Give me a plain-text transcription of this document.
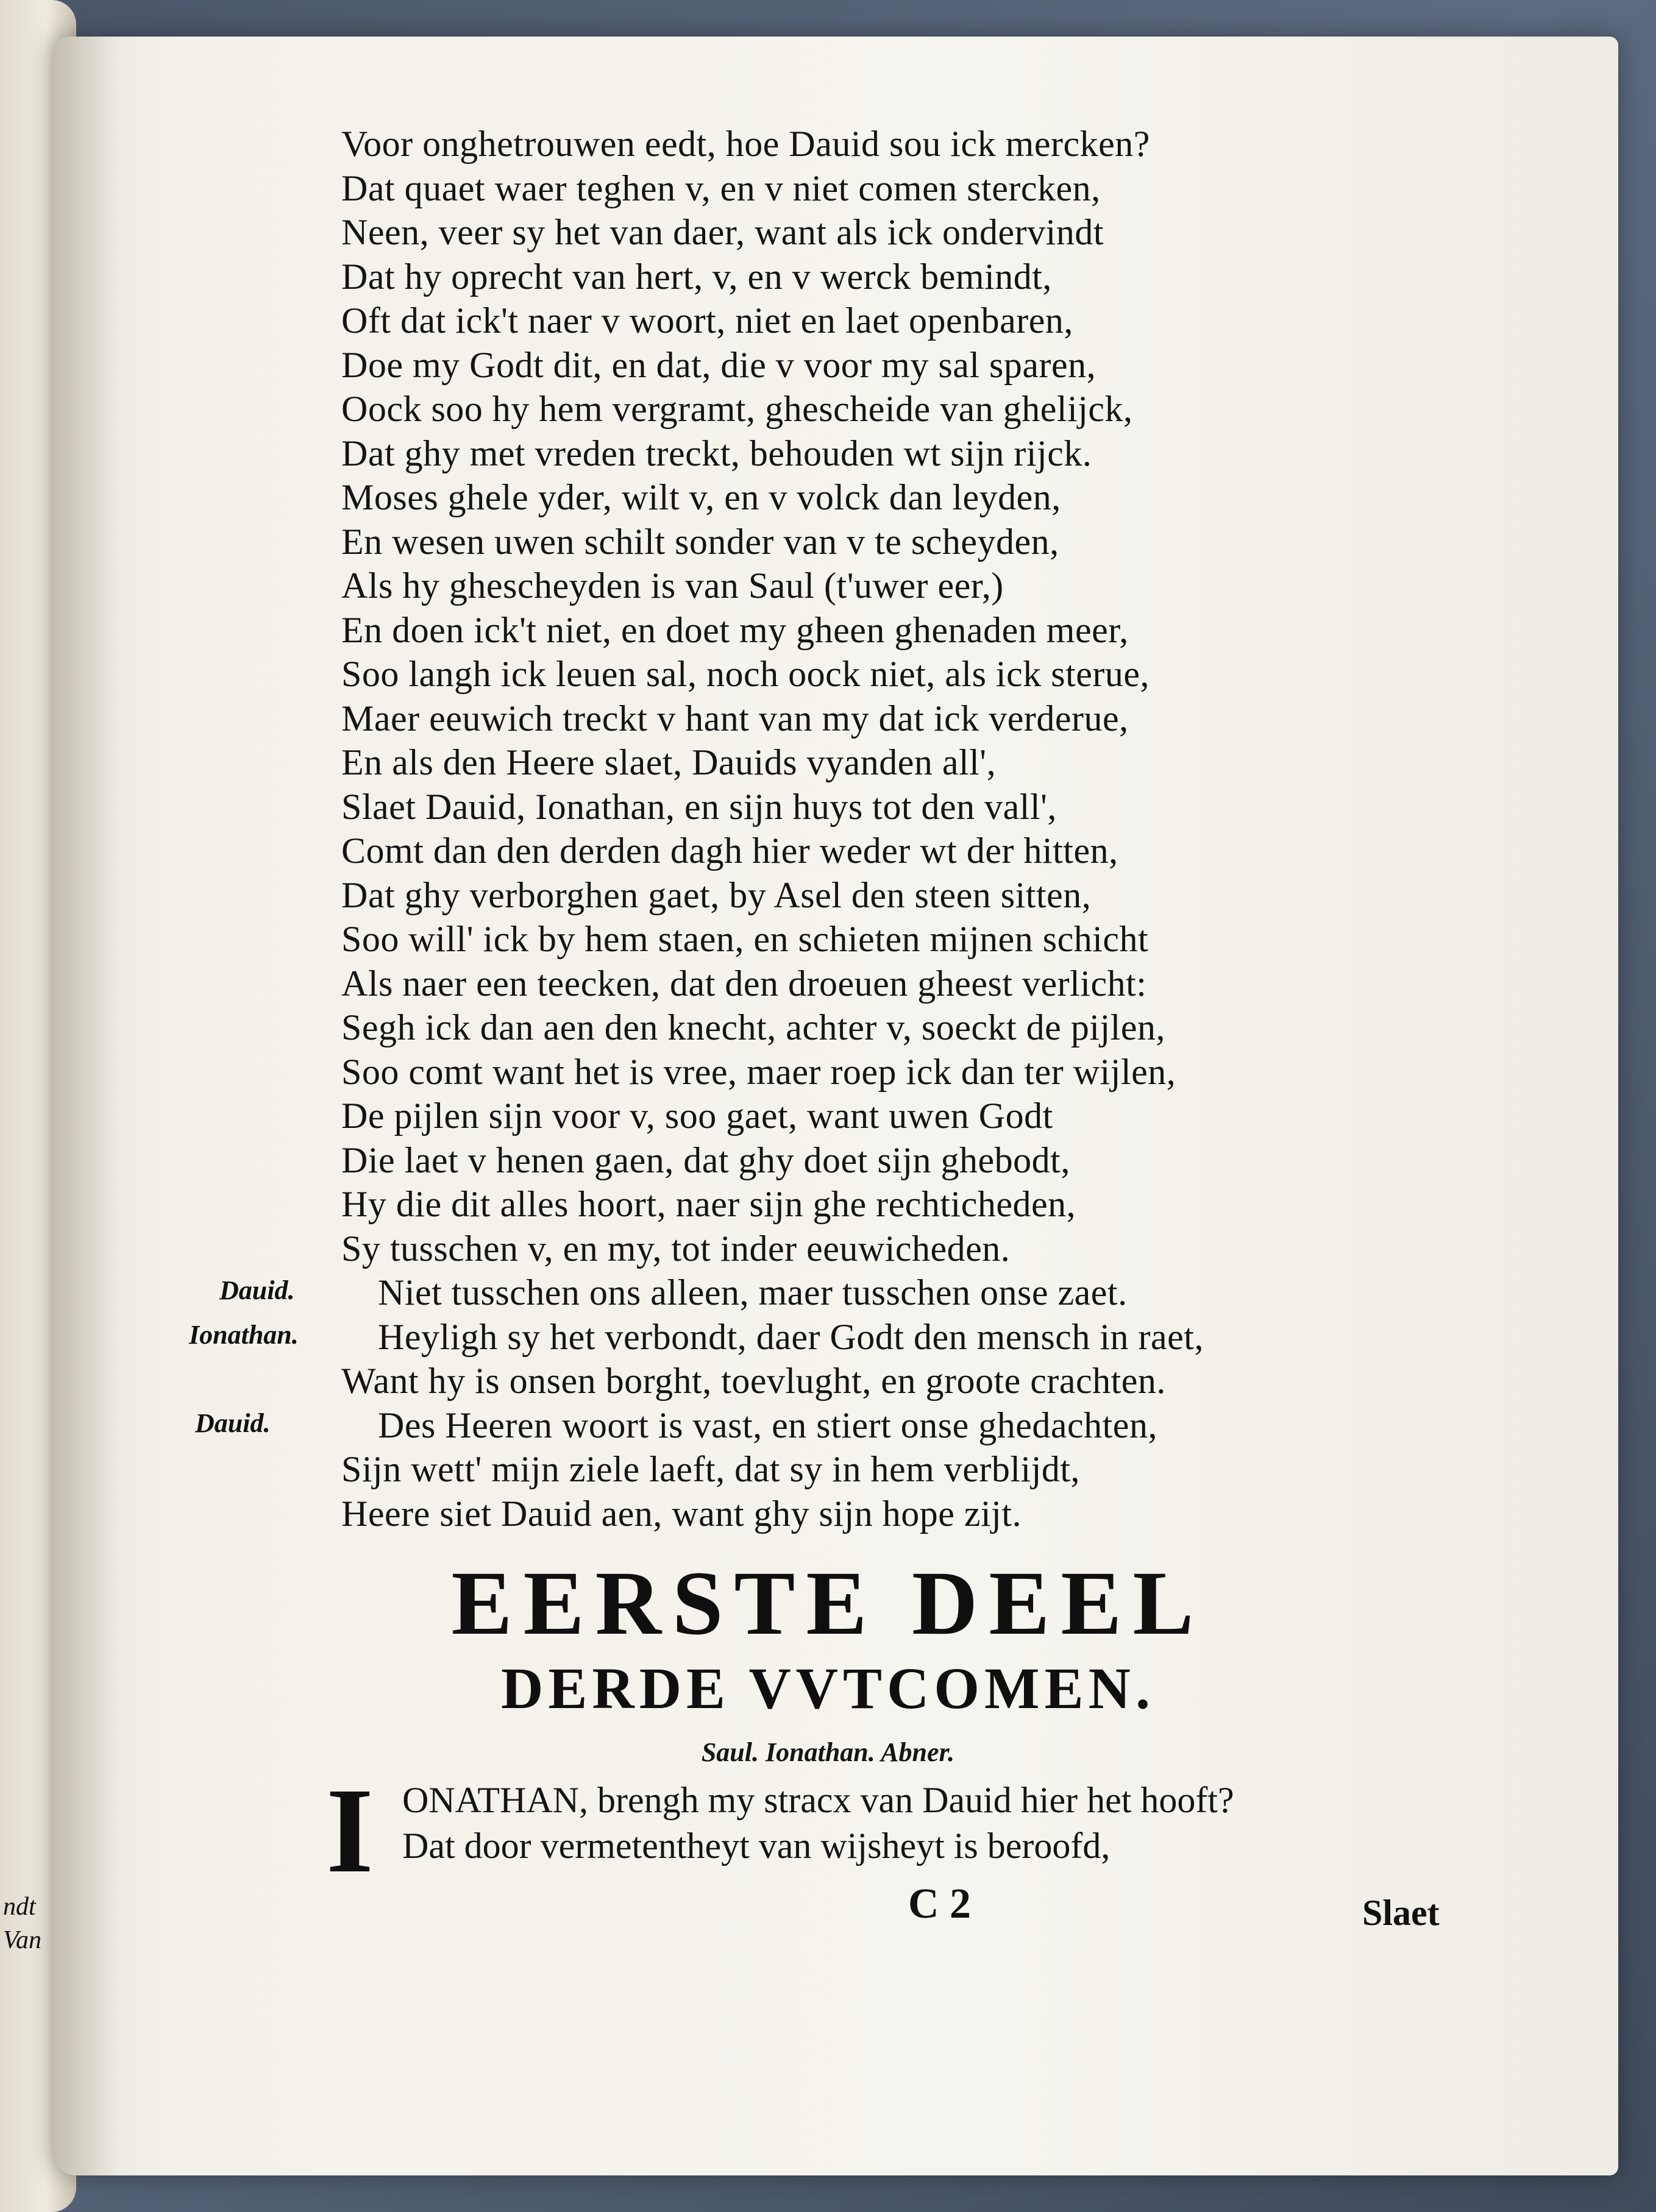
ndt
Van
Voor onghetrouwen eedt, hoe Dauid sou ick mercken?
Dat quaet waer teghen v, en v niet comen stercken,
Neen, veer sy het van daer, want als ick ondervindt
Dat hy oprecht van hert, v, en v werck bemindt,
Oft dat ick't naer v woort, niet en laet openbaren,
Doe my Godt dit, en dat, die v voor my sal sparen,
Oock soo hy hem vergramt, ghescheide van ghelijck,
Dat ghy met vreden treckt, behouden wt sijn rijck.
Moses ghele yder, wilt v, en v volck dan leyden,
En wesen uwen schilt sonder van v te scheyden,
Als hy ghescheyden is van Saul (t'uwer eer,)
En doen ick't niet, en doet my gheen ghenaden meer,
Soo langh ick leuen sal, noch oock niet, als ick sterue,
Maer eeuwich treckt v hant van my dat ick verderue,
En als den Heere slaet, Dauids vyanden all',
Slaet Dauid, Ionathan, en sijn huys tot den vall',
Comt dan den derden dagh hier weder wt der hitten,
Dat ghy verborghen gaet, by Asel den steen sitten,
Soo will' ick by hem staen, en schieten mijnen schicht
Als naer een teecken, dat den droeuen gheest verlicht:
Segh ick dan aen den knecht, achter v, soeckt de pijlen,
Soo comt want het is vree, maer roep ick dan ter wijlen,
De pijlen sijn voor v, soo gaet, want uwen Godt
Die laet v henen gaen, dat ghy doet sijn ghebodt,
Hy die dit alles hoort, naer sijn ghe rechticheden,
Sy tusschen v, en my, tot inder eeuwicheden.
Niet tusschen ons alleen, maer tusschen onse zaet.
Heyligh sy het verbondt, daer Godt den mensch in raet,
Want hy is onsen borght, toevlught, en groote crachten.
Des Heeren woort is vast, en stiert onse ghedachten,
Sijn wett' mijn ziele laeft, dat sy in hem verblijdt,
Heere siet Dauid aen, want ghy sijn hope zijt.
Dauid.
Ionathan.
Dauid.
EERSTE DEEL
DERDE VVTCOMEN.
Saul. Ionathan. Abner.
I ONATHAN, brengh my stracx van Dauid hier het hooft?
Dat door vermetentheyt van wijsheyt is beroofd,
C 2	Slaet
